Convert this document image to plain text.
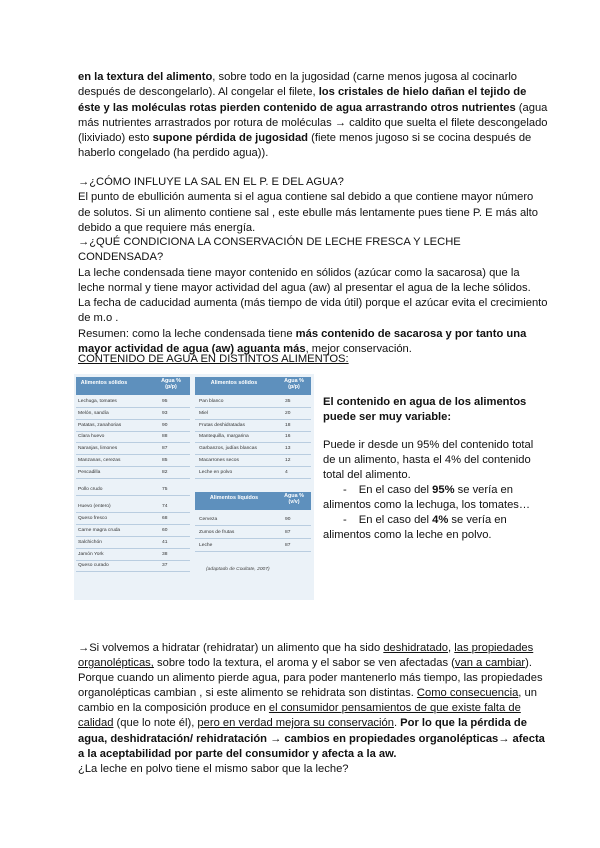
en la textura del alimento, sobre todo en la jugosidad (carne menos jugosa al cocinarlo después de descongelarlo). Al congelar el filete, los cristales de hielo dañan el tejido de éste y las moléculas rotas pierden contenido de agua arrastrando otros nutrientes (agua más nutrientes arrastrados por rotura de moléculas → caldito que suelta el filete descongelado (lixiviado) esto supone pérdida de jugosidad (fiete menos jugoso si se cocina después de haberlo congelado (ha perdido agua)).

→¿CÓMO INFLUYE LA SAL EN EL P. E DEL AGUA?
El punto de ebullición aumenta si el agua contiene sal debido a que contiene mayor número de solutos. Si un alimento contiene sal , este ebulle más lentamente pues tiene P. E más alto debido a que requiere más energía.

→¿QUÉ CONDICIONA LA CONSERVACIÓN DE LECHE FRESCA Y LECHE CONDENSADA?
La leche condensada tiene mayor contenido en sólidos (azúcar como la sacarosa) que la leche normal y tiene mayor actividad del agua (aw) al presentar el agua de la leche sólidos.
La fecha de caducidad aumenta (más tiempo de vida útil) porque el azúcar evita el crecimiento de m.o .
Resumen: como la leche condensada tiene más contenido de sacarosa y por tanto una mayor actividad de agua (aw) aguanta más, mejor conservación.

CONTENIDO DE AGUA EN DISTINTOS ALIMENTOS:

Alimentos sólidos	Agua %
(p/p)
Alimentos sólidos	Agua %
(p/p)
Lechuga, tomates	95
Melón, sandía	93
Patatas, zanahorias	90
Clara huevo	88
Naranjas, limones	87
Manzanas, cerezas	85
Pescadilla	82
Pollo crudo	75
Huevo (entero)	74
Queso fresco	68
Carne magra cruda	60
Salchichón	41
Jamón York	38
Queso curado	37
Pan blanco	35
Miel	20
Frutas deshidratadas	18
Mantequilla, margarina	16
Garbanzos, judías blancas	13
Macarrones secos	12
Leche en polvo	4
Alimentos líquidos	Agua %
(v/v)
Cerveza	90
Zumos de frutas	87
Leche	87
(adaptado de Coultate, 2007)

El contenido en agua de los alimentos puede ser muy variable:

Puede ir desde un 95% del contenido total de un alimento, hasta el 4% del contenido total del alimento.

- En el caso del 95% se vería en alimentos como la lechuga, los tomates…

- En el caso del 4% se vería en alimentos como la leche en polvo.

→Si volvemos a hidratar (rehidratar) un alimento que ha sido deshidratado, las propiedades organolépticas, sobre todo la textura, el aroma y el sabor se ven afectadas (van a cambiar). Porque cuando un alimento pierde agua, para poder mantenerlo más tiempo, las propiedades organolépticas cambian , si este alimento se rehidrata son distintas. Como consecuencia, un cambio en la composición produce en el consumidor pensamientos de que existe falta de calidad (que lo note él), pero en verdad mejora su conservación. Por lo que la pérdida de agua, deshidratación/ rehidratación → cambios en propiedades organolépticas→ afecta a la aceptabilidad por parte del consumidor y afecta a la aw.
¿La leche en polvo tiene el mismo sabor que la leche?
